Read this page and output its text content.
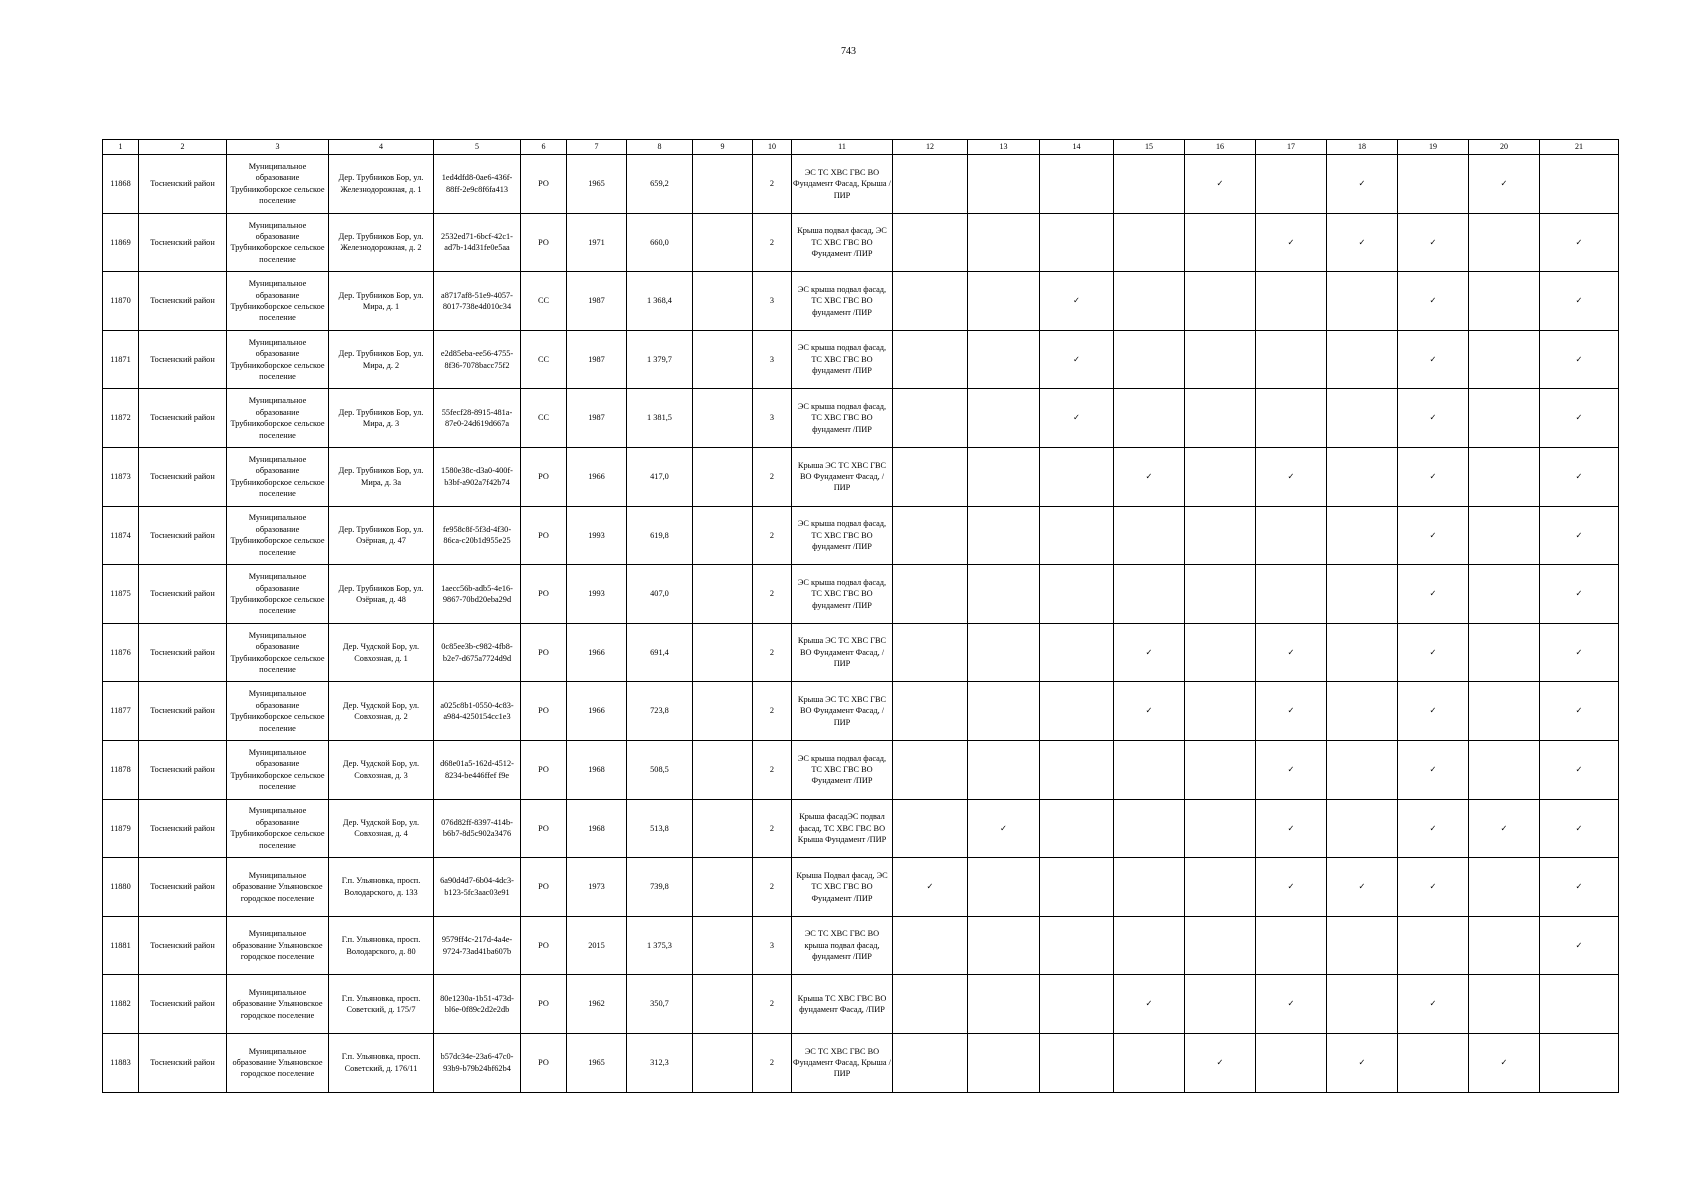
743
1	2	3	4	5	6	7	8	9	10	11	12	13	14	15	16	17	18	19	20	21
11868	Тосненский район	Муниципальное образование Трубникоборское сельское поселение	Дер. Трубников Бор, ул. Железнодорожная, д. 1	1ed4dfd8-0ae6-436f-88ff-2e9c8f6fa413	РО	1965	659,2		2	ЭС ТС ХВС ГВС ВО Фундамент Фасад, Крыша /ПИР					✓		✓		✓	
11869	Тосненский район	Муниципальное образование Трубникоборское сельское поселение	Дер. Трубников Бор, ул. Железнодорожная, д. 2	2532ed71-6bcf-42c1-ad7b-14d31fe0e5aa	РО	1971	660,0		2	Крыша подвал фасад, ЭС ТС ХВС ГВС ВО Фундамент /ПИР						✓	✓	✓		✓
11870	Тосненский район	Муниципальное образование Трубникоборское сельское поселение	Дер. Трубников Бор, ул. Мира, д. 1	a8717af8-51e9-4057-8017-738e4d010c34	СС	1987	1 368,4		3	ЭС крыша подвал фасад, ТС ХВС ГВС ВО фундамент /ПИР			✓					✓		✓
11871	Тосненский район	Муниципальное образование Трубникоборское сельское поселение	Дер. Трубников Бор, ул. Мира, д. 2	e2d85eba-ee56-4755-8f36-7078bacc75f2	СС	1987	1 379,7		3	ЭС крыша подвал фасад, ТС ХВС ГВС ВО фундамент /ПИР			✓					✓		✓
11872	Тосненский район	Муниципальное образование Трубникоборское сельское поселение	Дер. Трубников Бор, ул. Мира, д. 3	55fecf28-8915-481a-87e0-24d619d667a	СС	1987	1 381,5		3	ЭС крыша подвал фасад, ТС ХВС ГВС ВО фундамент /ПИР			✓					✓		✓
11873	Тосненский район	Муниципальное образование Трубникоборское сельское поселение	Дер. Трубников Бор, ул. Мира, д. 3а	1580e38c-d3a0-400f-b3bf-a902a7f42b74	РО	1966	417,0		2	Крыша ЭС ТС ХВС ГВС ВО Фундамент Фасад, /ПИР				✓		✓		✓		✓
11874	Тосненский район	Муниципальное образование Трубникоборское сельское поселение	Дер. Трубников Бор, ул. Озёрная, д. 47	fe958c8f-5f3d-4f30-86ca-c20b1d955e25	РО	1993	619,8		2	ЭС крыша подвал фасад, ТС ХВС ГВС ВО фундамент /ПИР								✓		✓
11875	Тосненский район	Муниципальное образование Трубникоборское сельское поселение	Дер. Трубников Бор, ул. Озёрная, д. 48	1aecc56b-adb5-4e16-9867-70bd20eba29d	РО	1993	407,0		2	ЭС крыша подвал фасад, ТС ХВС ГВС ВО фундамент /ПИР								✓		✓
11876	Тосненский район	Муниципальное образование Трубникоборское сельское поселение	Дер. Чудской Бор, ул. Совхозная, д. 1	0c85ee3b-c982-4fb8-b2e7-d675a7724d9d	РО	1966	691,4		2	Крыша ЭС ТС ХВС ГВС ВО Фундамент Фасад, /ПИР				✓		✓		✓		✓
11877	Тосненский район	Муниципальное образование Трубникоборское сельское поселение	Дер. Чудской Бор, ул. Совхозная, д. 2	a025c8b1-0550-4c83-a984-4250154cc1e3	РО	1966	723,8		2	Крыша ЭС ТС ХВС ГВС ВО Фундамент Фасад, /ПИР				✓		✓		✓		✓
11878	Тосненский район	Муниципальное образование Трубникоборское сельское поселение	Дер. Чудской Бор, ул. Совхозная, д. 3	d68e01a5-162d-4512-8234-be446ffef f9e	РО	1968	508,5		2	ЭС крыша подвал фасад, ТС ХВС ГВС ВО Фундамент /ПИР						✓		✓		✓
11879	Тосненский район	Муниципальное образование Трубникоборское сельское поселение	Дер. Чудской Бор, ул. Совхозная, д. 4	076d82ff-8397-414b-b6b7-8d5c902a3476	РО	1968	513,8		2	Крыша фасадЭС подвал фасад, ТС ХВС ГВС ВО Крыша Фундамент /ПИР		✓				✓		✓	✓	✓
11880	Тосненский район	Муниципальное образование Ульяновское городское поселение	Г.п. Ульяновка, просп. Володарского, д. 133	6a90d4d7-6b04-4dc3-b123-5fc3aac03e91	РО	1973	739,8		2	Крыша Подвал фасад, ЭС ТС ХВС ГВС ВО Фундамент /ПИР	✓					✓	✓	✓		✓
11881	Тосненский район	Муниципальное образование Ульяновское городское поселение	Г.п. Ульяновка, просп. Володарского, д. 80	9579ff4c-217d-4a4e-9724-73ad41ba607b	РО	2015	1 375,3		3	ЭС ТС ХВС ГВС ВО крыша подвал фасад, фундамент /ПИР										✓
11882	Тосненский район	Муниципальное образование Ульяновское городское поселение	Г.п. Ульяновка, просп. Советский, д. 175/7	80e1230a-1b51-473d-bl6e-0f89c2d2e2db	РО	1962	350,7		2	Крыша ТС ХВС ГВС ВО фундамент Фасад, /ПИР				✓		✓		✓		
11883	Тосненский район	Муниципальное образование Ульяновское городское поселение	Г.п. Ульяновка, просп. Советский, д. 176/11	b57dc34e-23a6-47c0-93b9-b79b24bf62b4	РО	1965	312,3		2	ЭС ТС ХВС ГВС ВО Фундамент Фасад, Крыша /ПИР					✓		✓		✓	
